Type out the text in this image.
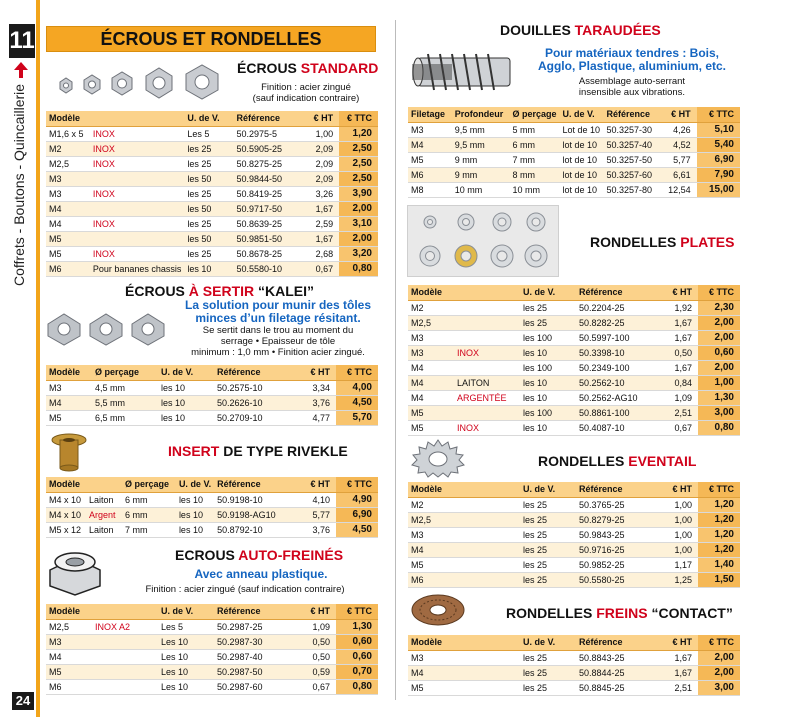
11
Coffrets - Boutons - Quincaillerie
24
ÉCROUS ET RONDELLES
ÉCROUS STANDARD
Finition : acier zingué
(sauf indication contraire)
Modèle		U. de V.	Référence	€ HT	€ TTC
M1,6 x 5	INOX	Les 5	50.2975-5	1,00	1,20
M2	INOX	les 25	50.5905-25	2,09	2,50
M2,5	INOX	les 25	50.8275-25	2,09	2,50
M3		les 50	50.9844-50	2,09	2,50
M3	INOX	les 25	50.8419-25	3,26	3,90
M4		les 50	50.9717-50	1,67	2,00
M4	INOX	les 25	50.8639-25	2,59	3,10
M5		les 50	50.9851-50	1,67	2,00
M5	INOX	les 25	50.8678-25	2,68	3,20
M6	Pour bananes chassis	les 10	50.5580-10	0,67	0,80
ÉCROUS À SERTIR “KALEI”
La solution pour munir des tôles
minces d’un filetage résitant.
Se sertit dans le trou au moment du
serrage • Epaisseur de tôle
minimum : 1,0 mm • Finition acier zingué.
Modèle	Ø perçage	U. de V.	Référence	€ HT	€ TTC
M3	4,5 mm	les 10	50.2575-10	3,34	4,00
M4	5,5 mm	les 10	50.2626-10	3,76	4,50
M5	6,5 mm	les 10	50.2709-10	4,77	5,70
INSERT DE TYPE RIVEKLE
Modèle		Ø perçage	U. de V.	Référence	€ HT	€ TTC
M4 x 10	Laiton	6 mm	les 10	50.9198-10	4,10	4,90
M4 x 10	Argent	6 mm	les 10	50.9198-AG10	5,77	6,90
M5 x 12	Laiton	7 mm	les 10	50.8792-10	3,76	4,50
ECROUS AUTO-FREINÉS
Avec anneau plastique.
Finition : acier zingué (sauf indication contraire)
Modèle		U. de V.	Référence	€ HT	€ TTC
M2,5	INOX A2	Les 5	50.2987-25	1,09	1,30
M3		Les 10	50.2987-30	0,50	0,60
M4		Les 10	50.2987-40	0,50	0,60
M5		Les 10	50.2987-50	0,59	0,70
M6		Les 10	50.2987-60	0,67	0,80
DOUILLES TARAUDÉES
Pour matériaux tendres : Bois,
Agglo, Plastique, aluminium, etc.
Assemblage auto-serrant
insensible aux vibrations.
Filetage	Profondeur	Ø perçage	U. de V.	Référence	€ HT	€ TTC
M3	9,5 mm	5 mm	Lot de 10	50.3257-30	4,26	5,10
M4	9,5 mm	6 mm	lot de 10	50.3257-40	4,52	5,40
M5	9 mm	7 mm	lot de 10	50.3257-50	5,77	6,90
M6	9 mm	8 mm	lot de 10	50.3257-60	6,61	7,90
M8	10 mm	10 mm	lot de 10	50.3257-80	12,54	15,00
RONDELLES PLATES
Modèle		U. de V.	Référence	€ HT	€ TTC
M2		les 25	50.2204-25	1,92	2,30
M2,5		les 25	50.8282-25	1,67	2,00
M3		les 100	50.5997-100	1,67	2,00
M3	INOX	les 10	50.3398-10	0,50	0,60
M4		les 100	50.2349-100	1,67	2,00
M4	LAITON	les 10	50.2562-10	0,84	1,00
M4	ARGENTÉE	les 10	50.2562-AG10	1,09	1,30
M5		les 100	50.8861-100	2,51	3,00
M5	INOX	les 10	50.4087-10	0,67	0,80
RONDELLES EVENTAIL
Modèle	U. de V.	Référence	€ HT	€ TTC
M2	les 25	50.3765-25	1,00	1,20
M2,5	les 25	50.8279-25	1,00	1,20
M3	les 25	50.9843-25	1,00	1,20
M4	les 25	50.9716-25	1,00	1,20
M5	les 25	50.9852-25	1,17	1,40
M6	les 25	50.5580-25	1,25	1,50
RONDELLES FREINS “CONTACT”
Modèle	U. de V.	Référence	€ HT	€ TTC
M3	les 25	50.8843-25	1,67	2,00
M4	les 25	50.8844-25	1,67	2,00
M5	les 25	50.8845-25	2,51	3,00
